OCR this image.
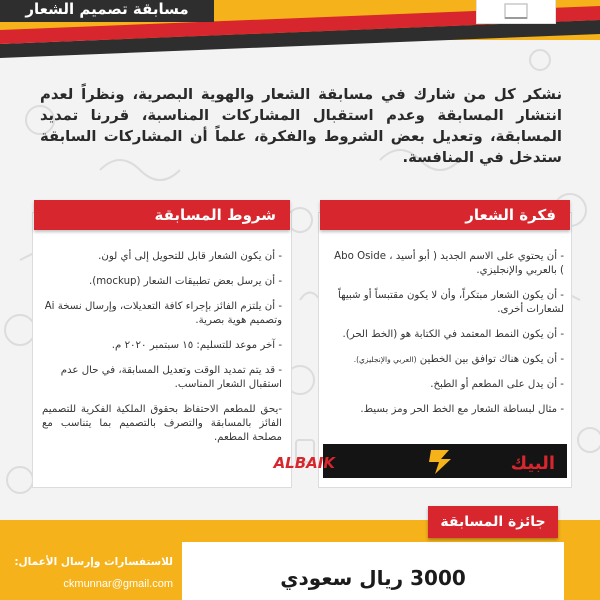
مسابقة تصميم الشعار

نشكر كل من شارك في مسابقة الشعار والهوية البصرية، ونظراً لعدم انتشار المسابقة وعدم استقبال المشاركات المناسبة، قررنا تمديد المسابقة، وتعديل بعض الشروط والفكرة، علماً أن المشاركات السابقة ستدخل في المنافسة.

فكرة الشعار
- أن يحتوي على الاسم الجديد ( أبو أسيد ، Abo Oside ) بالعربي والإنجليزي.
- أن يكون الشعار مبتكراً، وأن لا يكون مقتبساً أو شبيهاً لشعارات أخرى.
- أن يكون النمط المعتمد في الكتابة هو (الخط الحر).
- أن يكون هناك توافق بين الخطين (العربي والإنجليزي).
- أن يدل على المطعم أو الطبخ.
- مثال لبساطة الشعار مع الخط الحر ومز بسيط.
ALBAIK	البيك
شروط المسابقة
- أن يكون الشعار قابل للتحويل إلى أي لون.
- أن يرسل بعض تطبيقات الشعار (mockup).
- أن يلتزم الفائز بإجراء كافة التعديلات، وإرسال نسخة Ai وتصميم هوية بصرية.
- آخر موعد للتسليم: ١٥ سبتمبر ٢٠٢٠ م.
- قد يتم تمديد الوقت وتعديل المسابقة، في حال عدم استقبال الشعار المناسب.
-يحق للمطعم الاحتفاظ بحقوق الملكية الفكرية للتصميم الفائز بالمسابقة والتصرف بالتصميم بما يتناسب مع مصلحة المطعم.
جائزة المسابقة
3000 ريال سعودي
للاستفسارات وإرسال الأعمال:
ckmunnar@gmail.com
